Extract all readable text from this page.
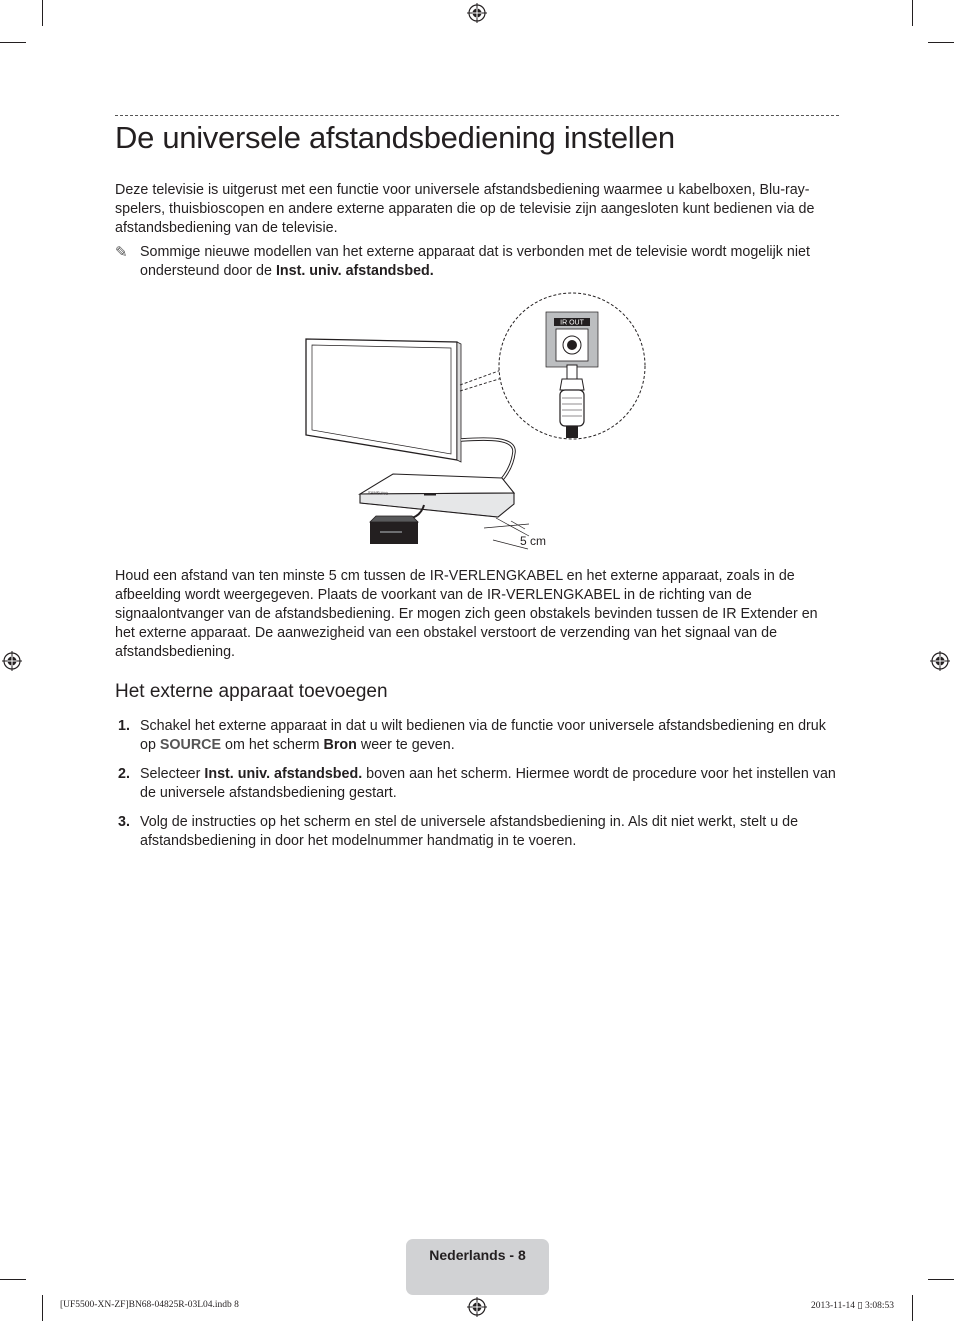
De universele afstandsbediening instellen

Deze televisie is uitgerust met een functie voor universele afstandsbediening waarmee u kabelboxen, Blu-ray-spelers, thuisbioscopen en andere externe apparaten die op de televisie zijn aangesloten kunt bedienen via de afstandsbediening van de televisie.

✎ Sommige nieuwe modellen van het externe apparaat dat is verbonden met de televisie wordt mogelijk niet ondersteund door de Inst. univ. afstandsbed.
IR OUT
SAMSUNG
5 cm

Houd een afstand van ten minste 5 cm tussen de IR-VERLENGKABEL en het externe apparaat, zoals in de afbeelding wordt weergegeven. Plaats de voorkant van de IR-VERLENGKABEL in de richting van de signaalontvanger van de afstandsbediening. Er mogen zich geen obstakels bevinden tussen de IR Extender en het externe apparaat. De aanwezigheid van een obstakel verstoort de verzending van het signaal van de afstandsbediening.

Het externe apparaat toevoegen
1. Schakel het externe apparaat in dat u wilt bedienen via de functie voor universele afstandsbediening en druk op SOURCE om het scherm Bron weer te geven.
2. Selecteer Inst. univ. afstandsbed. boven aan het scherm. Hiermee wordt de procedure voor het instellen van de universele afstandsbediening gestart.
3. Volg de instructies op het scherm en stel de universele afstandsbediening in. Als dit niet werkt, stelt u de afstandsbediening in door het modelnummer handmatig in te voeren.
Nederlands - 8
[UF5500-XN-ZF]BN68-04825R-03L04.indb 8	2013-11-14 ▯ 3:08:53
